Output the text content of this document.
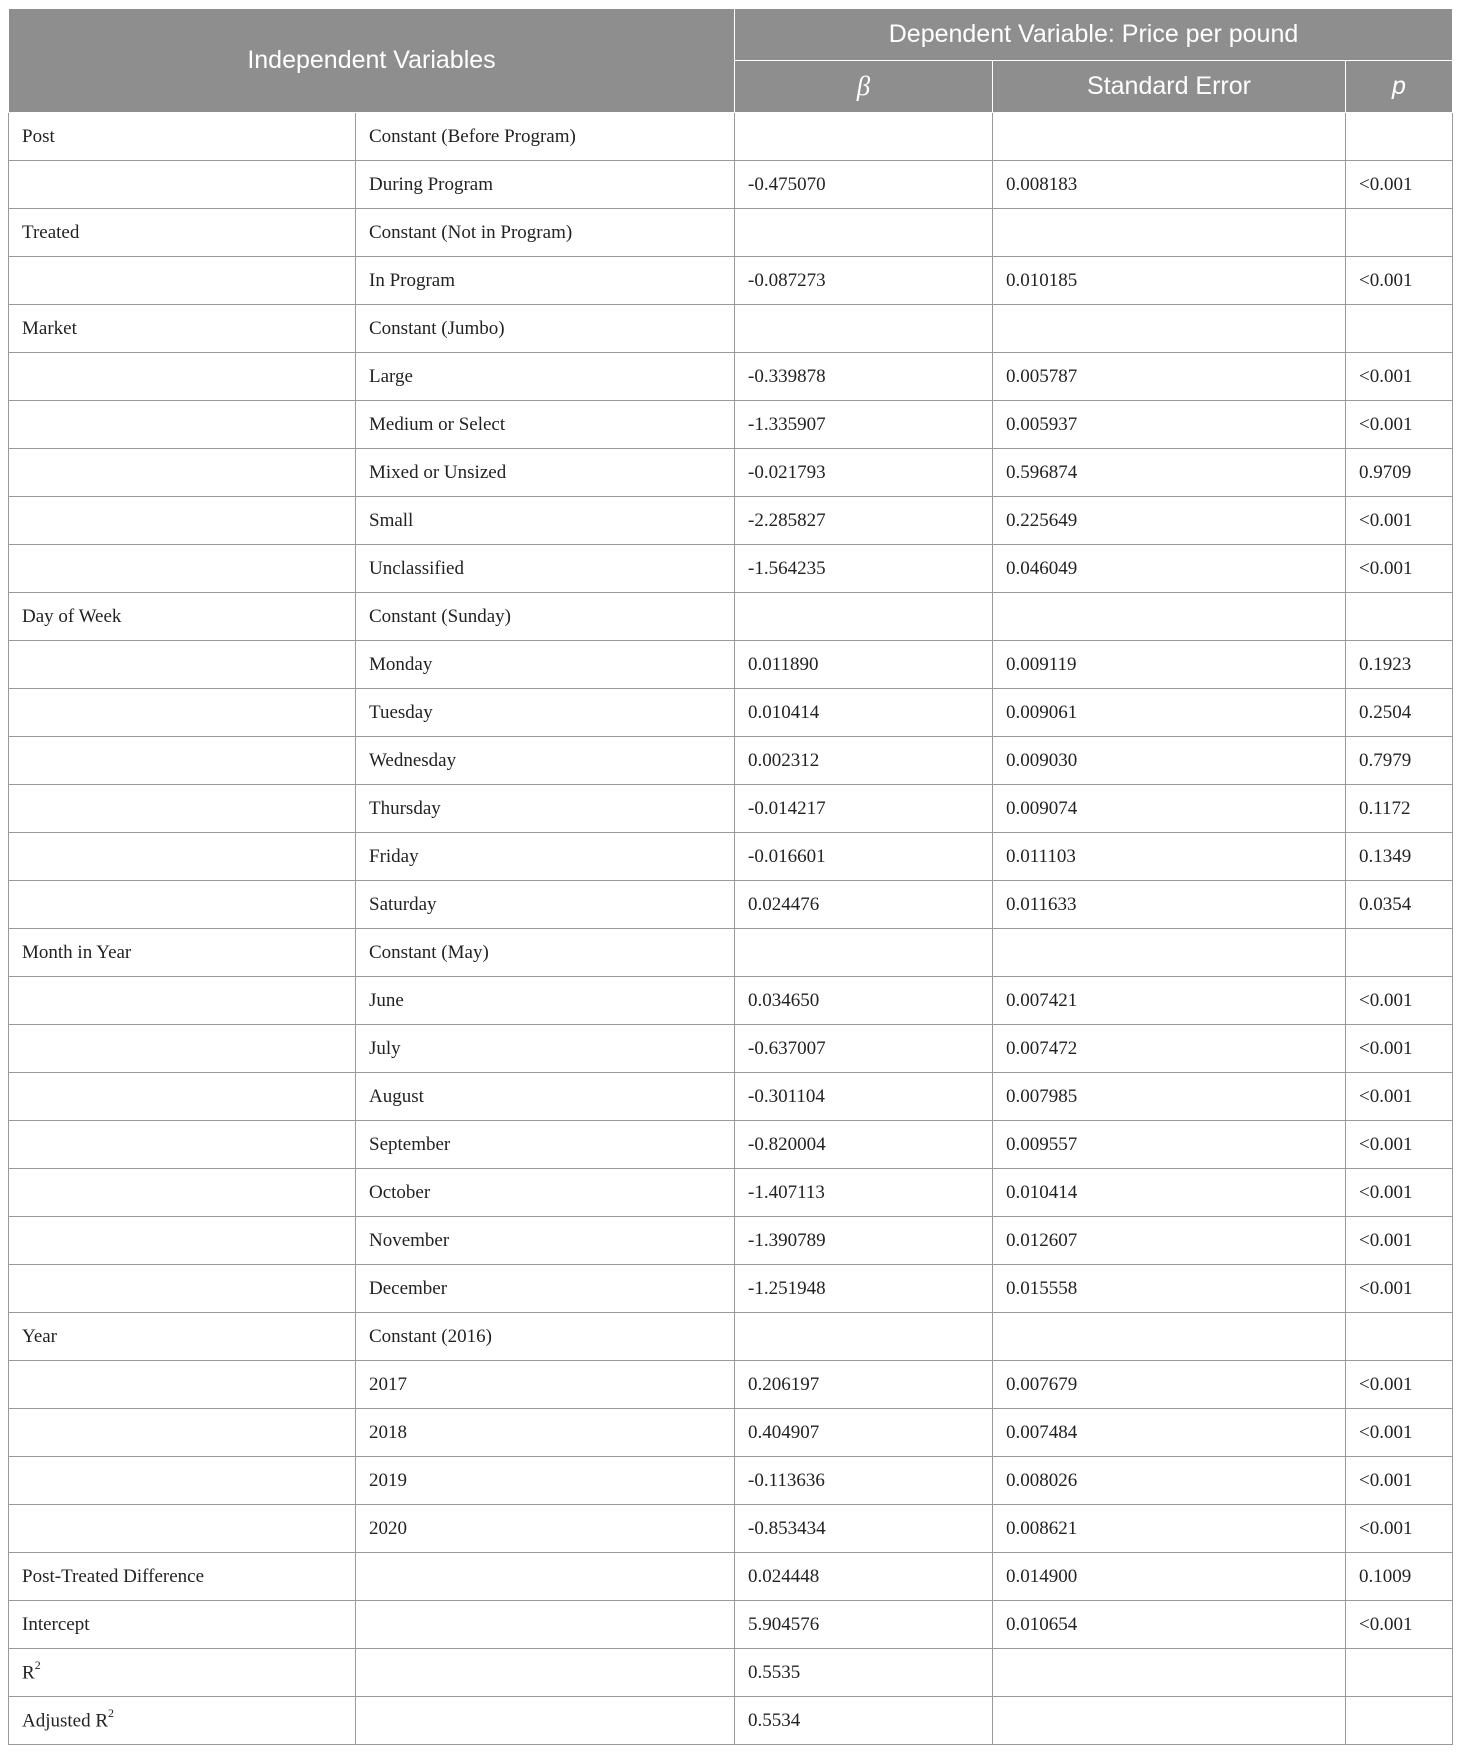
Independent Variables		Dependent Variable: Price per pound		
		β	Standard Error	p
Post	Constant (Before Program)			
	During Program	-0.475070	0.008183	<0.001
Treated	Constant (Not in Program)			
	In Program	-0.087273	0.010185	<0.001
Market	Constant (Jumbo)			
	Large	-0.339878	0.005787	<0.001
	Medium or Select	-1.335907	0.005937	<0.001
	Mixed or Unsized	-0.021793	0.596874	0.9709
	Small	-2.285827	0.225649	<0.001
	Unclassified	-1.564235	0.046049	<0.001
Day of Week	Constant (Sunday)			
	Monday	0.011890	0.009119	0.1923
	Tuesday	0.010414	0.009061	0.2504
	Wednesday	0.002312	0.009030	0.7979
	Thursday	-0.014217	0.009074	0.1172
	Friday	-0.016601	0.011103	0.1349
	Saturday	0.024476	0.011633	0.0354
Month in Year	Constant (May)			
	June	0.034650	0.007421	<0.001
	July	-0.637007	0.007472	<0.001
	August	-0.301104	0.007985	<0.001
	September	-0.820004	0.009557	<0.001
	October	-1.407113	0.010414	<0.001
	November	-1.390789	0.012607	<0.001
	December	-1.251948	0.015558	<0.001
Year	Constant (2016)			
	2017	0.206197	0.007679	<0.001
	2018	0.404907	0.007484	<0.001
	2019	-0.113636	0.008026	<0.001
	2020	-0.853434	0.008621	<0.001
Post-Treated Difference		0.024448	0.014900	0.1009
Intercept		5.904576	0.010654	<0.001
$R^2$		0.5535		
Adjusted $R^2$		0.5534		
